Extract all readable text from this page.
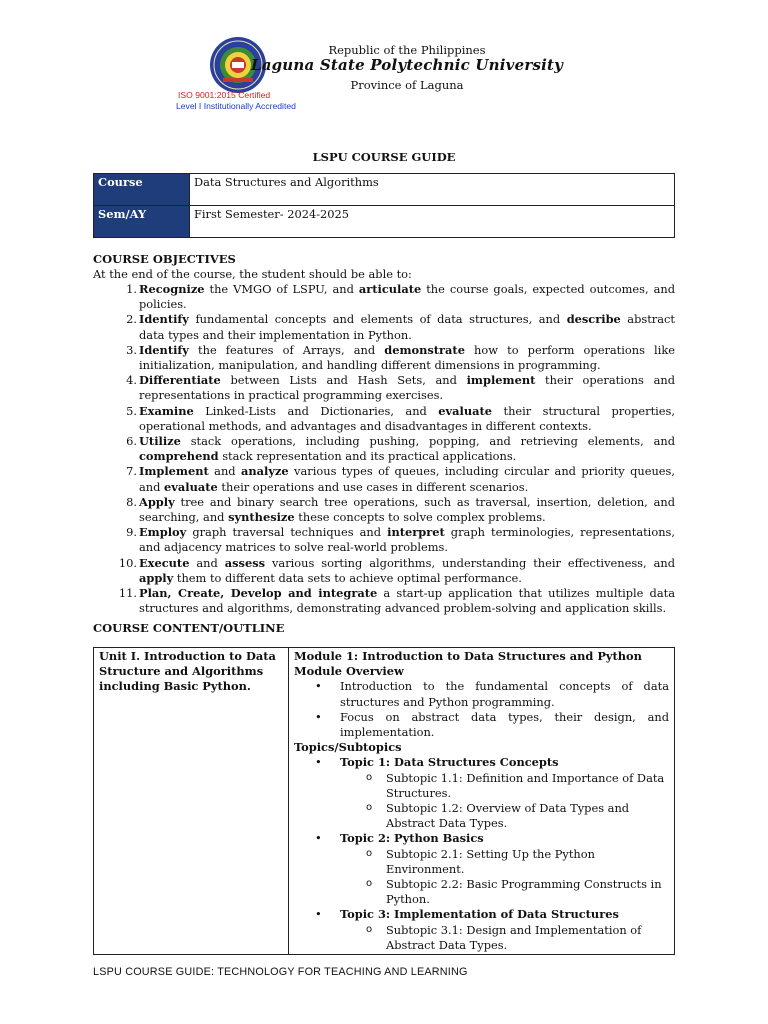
ISO 9001:2015 Certified
Level I Institutionally Accredited
Republic of the Philippines
Laguna State Polytechnic University
Province of Laguna
LSPU COURSE GUIDE
Course	Data Structures and Algorithms
Sem/AY	First Semester- 2024-2025
COURSE OBJECTIVES
At the end of the course, the student should be able to:
1. Recognize the VMGO of LSPU, and articulate the course goals, expected outcomes, and policies.
2. Identify fundamental concepts and elements of data structures, and describe abstract data types and their implementation in Python.
3. Identify the features of Arrays, and demonstrate how to perform operations like initialization, manipulation, and handling different dimensions in programming.
4. Differentiate between Lists and Hash Sets, and implement their operations and representations in practical programming exercises.
5. Examine Linked-Lists and Dictionaries, and evaluate their structural properties, operational methods, and advantages and disadvantages in different contexts.
6. Utilize stack operations, including pushing, popping, and retrieving elements, and comprehend stack representation and its practical applications.
7. Implement and analyze various types of queues, including circular and priority queues, and evaluate their operations and use cases in different scenarios.
8. Apply tree and binary search tree operations, such as traversal, insertion, deletion, and searching, and synthesize these concepts to solve complex problems.
9. Employ graph traversal techniques and interpret graph terminologies, representations, and adjacency matrices to solve real-world problems.
10. Execute and assess various sorting algorithms, understanding their effectiveness, and apply them to different data sets to achieve optimal performance.
11. Plan, Create, Develop and integrate a start-up application that utilizes multiple data structures and algorithms, demonstrating advanced problem-solving and application skills.
COURSE CONTENT/OUTLINE
Unit I. Introduction to Data Structure and Algorithms including Basic Python.	
Module 1: Introduction to Data Structures and Python
Module Overview
• Introduction to the fundamental concepts of data structures and Python programming.
• Focus on abstract data types, their design, and implementation.
Topics/Subtopics
• Topic 1: Data Structures Concepts
o Subtopic 1.1: Definition and Importance of Data Structures.
o Subtopic 1.2: Overview of Data Types and Abstract Data Types.
• Topic 2: Python Basics
o Subtopic 2.1: Setting Up the Python Environment.
o Subtopic 2.2: Basic Programming Constructs in Python.
• Topic 3: Implementation of Data Structures
o Subtopic 3.1: Design and Implementation of Abstract Data Types.
LSPU COURSE GUIDE: TECHNOLOGY FOR TEACHING AND LEARNING
